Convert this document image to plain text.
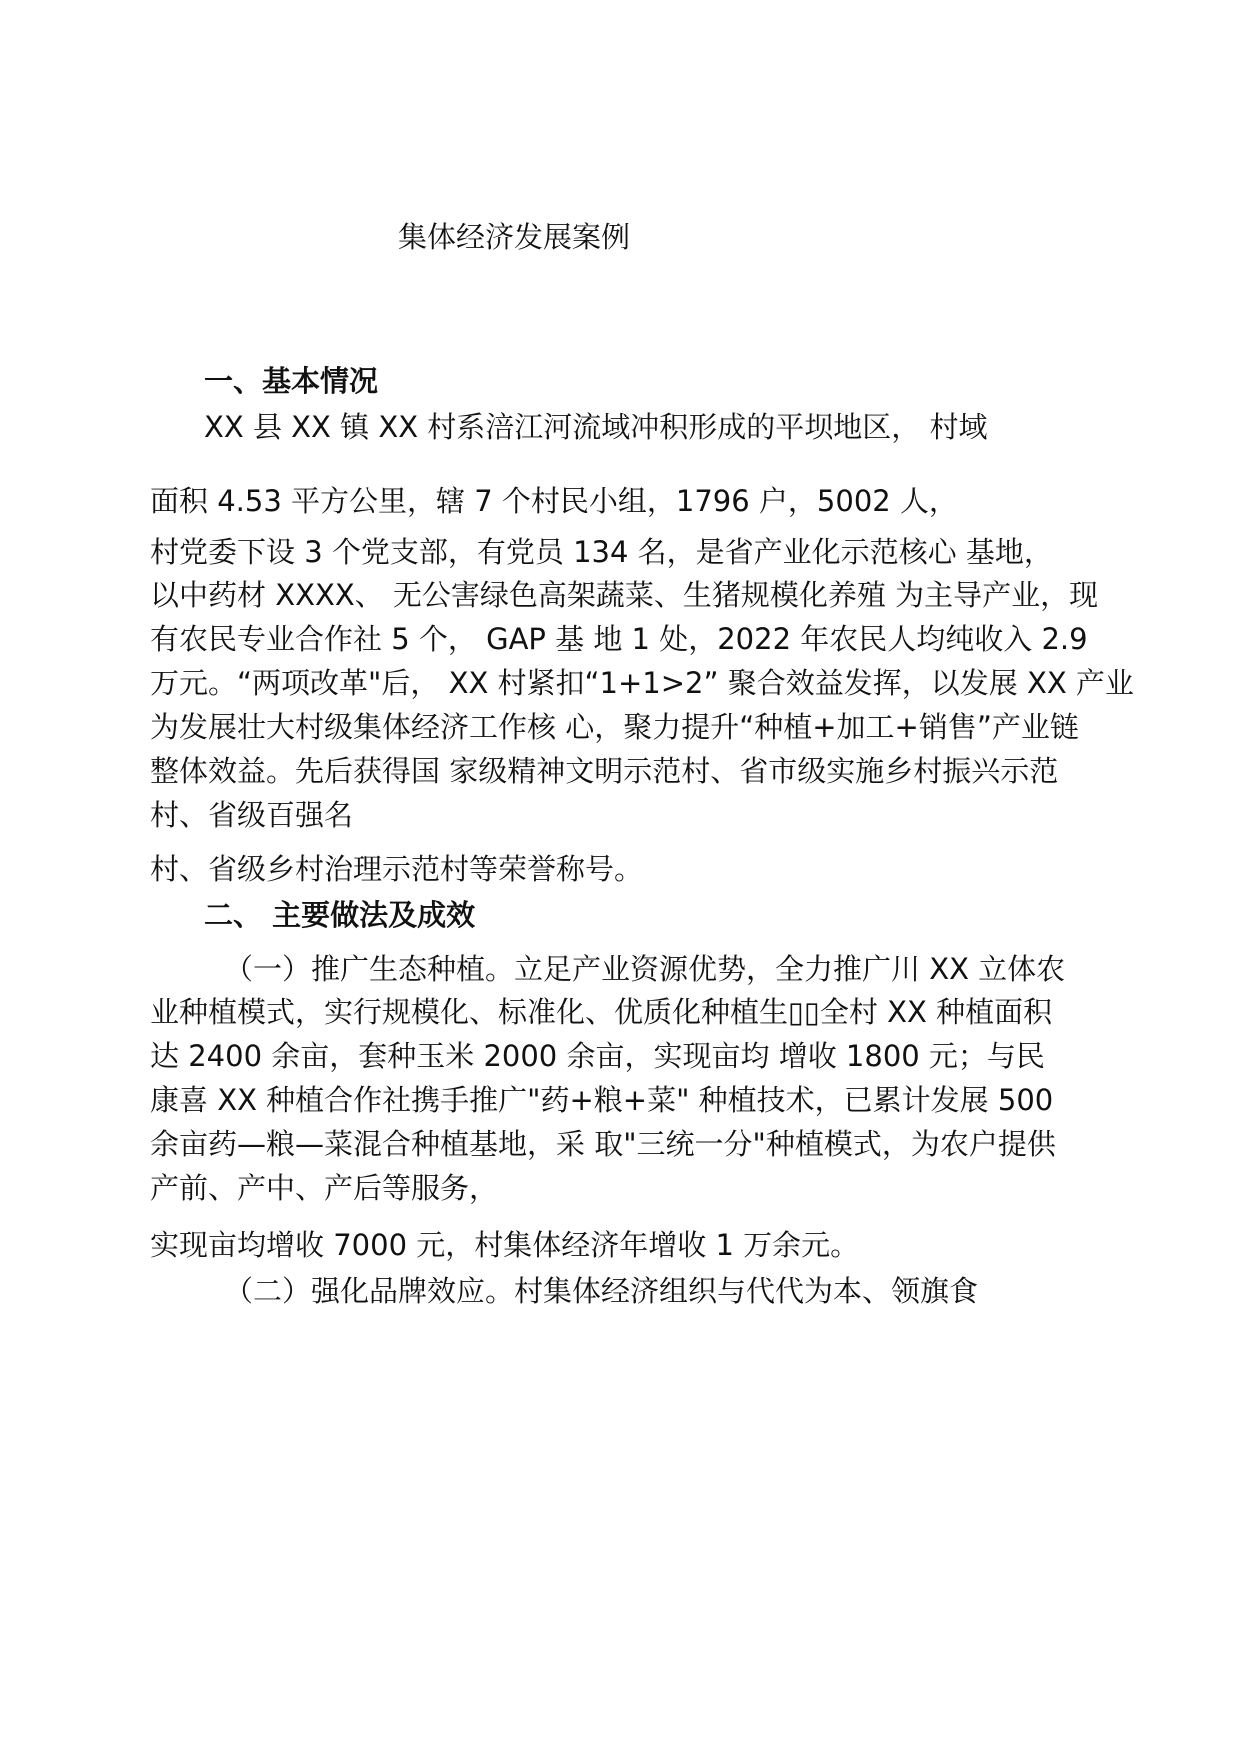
集体经济发展案例
一、基本情况
XX 县 XX 镇 XX 村系涪江河流域冲积形成的平坝地区， 村域
面积 4.53 平方公里，辖 7 个村民小组，1796 户，5002 人，
村党委下设 3 个党支部，有党员 134 名，是省产业化示范核心 基地，
以中药材 XXXX、 无公害绿色高架蔬菜、生猪规模化养殖 为主导产业，现
有农民专业合作社 5 个， GAP 基 地 1 处，2022 年农民人均纯收入 2.9
万元。“两项改革"后， XX 村紧扣“1+1>2” 聚合效益发挥，以发展 XX 产业
为发展壮大村级集体经济工作核 心，聚力提升“种植+加工+销售”产业链
整体效益。先后获得国 家级精神文明示范村、省市级实施乡村振兴示范
村、省级百强名
村、省级乡村治理示范村等荣誉称号。
二、 主要做法及成效
（一）推广生态种植。立足产业资源优势，全力推广川 XX 立体农
业种植模式，实行规模化、标准化、优质化种植生▯▯全村 XX 种植面积
达 2400 余亩，套种玉米 2000 余亩，实现亩均 增收 1800 元；与民
康喜 XX 种植合作社携手推广"药+粮+菜" 种植技术，已累计发展 500
余亩药—粮—菜混合种植基地，采 取"三统一分"种植模式，为农户提供
产前、产中、产后等服务，
实现亩均增收 7000 元，村集体经济年增收 1 万余元。
（二）强化品牌效应。村集体经济组织与代代为本、领旗食
